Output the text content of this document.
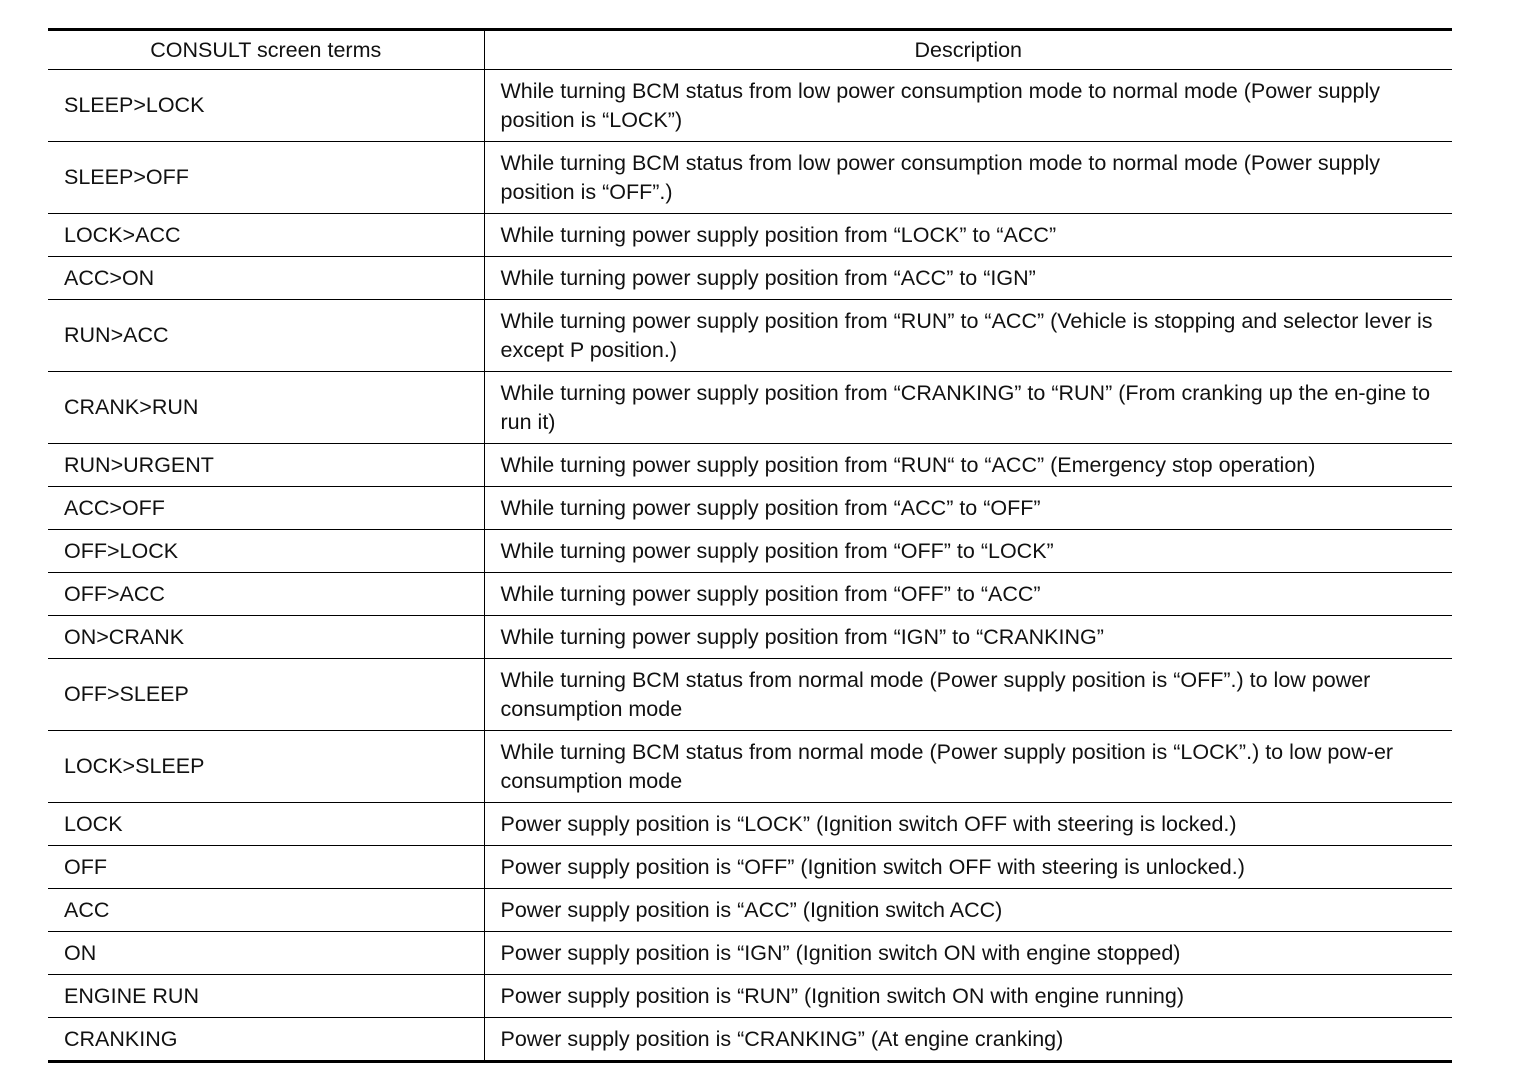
CONSULT screen terms	Description
SLEEP>LOCK	While turning BCM status from low power consumption mode to normal mode (Power supply position is “LOCK”)
SLEEP>OFF	While turning BCM status from low power consumption mode to normal mode (Power supply position is “OFF”.)
LOCK>ACC	While turning power supply position from “LOCK” to “ACC”
ACC>ON	While turning power supply position from “ACC” to “IGN”
RUN>ACC	While turning power supply position from “RUN” to “ACC” (Vehicle is stopping and selector lever is except P position.)
CRANK>RUN	While turning power supply position from “CRANKING” to “RUN” (From cranking up the en-gine to run it)
RUN>URGENT	While turning power supply position from “RUN“ to “ACC” (Emergency stop operation)
ACC>OFF	While turning power supply position from “ACC” to “OFF”
OFF>LOCK	While turning power supply position from “OFF” to “LOCK”
OFF>ACC	While turning power supply position from “OFF” to “ACC”
ON>CRANK	While turning power supply position from “IGN” to “CRANKING”
OFF>SLEEP	While turning BCM status from normal mode (Power supply position is “OFF”.) to low power consumption mode
LOCK>SLEEP	While turning BCM status from normal mode (Power supply position is “LOCK”.) to low pow-er consumption mode
LOCK	Power supply position is “LOCK” (Ignition switch OFF with steering is locked.)
OFF	Power supply position is “OFF” (Ignition switch OFF with steering is unlocked.)
ACC	Power supply position is “ACC” (Ignition switch ACC)
ON	Power supply position is “IGN” (Ignition switch ON with engine stopped)
ENGINE RUN	Power supply position is “RUN” (Ignition switch ON with engine running)
CRANKING	Power supply position is “CRANKING” (At engine cranking)
